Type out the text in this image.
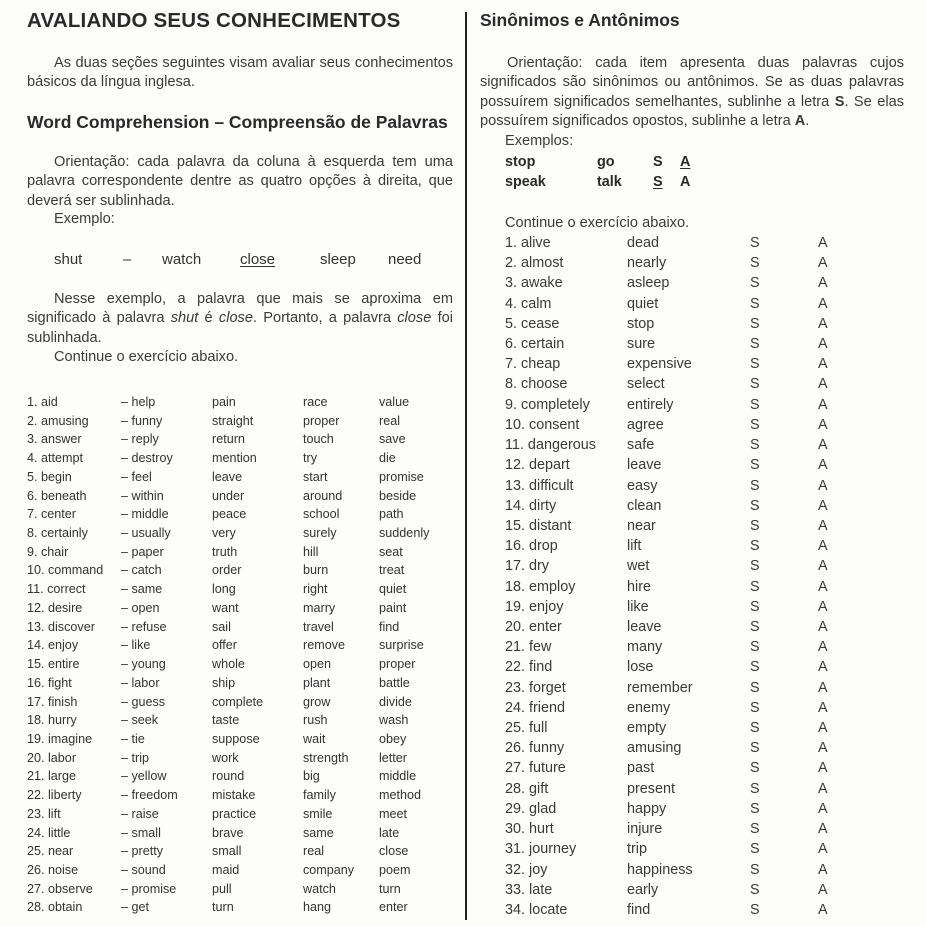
AVALIANDO SEUS CONHECIMENTOS
As duas seções seguintes visam avaliar seus conhecimentos básicos da língua inglesa.
Word Comprehension – Compreensão de Palavras
Orientação: cada palavra da coluna à esquerda tem uma palavra correspondente dentre as quatro opções à direita, que deverá ser sublinhada.
Exemplo:
shut	– watch	close	sleep need
Nesse exemplo, a palavra que mais se aproxima em significado à palavra shut é close. Portanto, a palavra close foi sublinhada.
Continue o exercício abaixo.
1. aid	– help	pain	race	value
2. amusing	– funny	straight	proper	real
3. answer	– reply	return	touch	save
4. attempt	– destroy	mention	try	die
5. begin	– feel	leave	start	promise
6. beneath	– within	under	around	beside
7. center	– middle	peace	school	path
8. certainly	– usually	very	surely	suddenly
9. chair	– paper	truth	hill	seat
10. command – catch	order	burn	treat
11. correct	– same	long	right	quiet
12. desire	– open	want	marry	paint
13. discover – refuse	sail	travel	find
14. enjoy	– like	offer	remove	surprise
15. entire	– young	whole	open	proper
16. fight	– labor	ship	plant	battle
17. finish	– guess	complete	grow	divide
18. hurry	– seek	taste	rush	wash
19. imagine – tie	suppose	wait	obey
20. labor	– trip	work	strength letter
21. large	– yellow	round	big	middle
22. liberty	– freedom	mistake	family	method
23. lift	– raise	practice	smile	meet
24. little	– small	brave	same	late
25. near	– pretty	small	real	close
26. noise	– sound	maid	company poem
27. observe – promise	pull	watch	turn
28. obtain	– get	turn	hang	enter
Sinônimos e Antônimos
Orientação: cada item apresenta duas palavras cujos significados são sinônimos ou antônimos. Se as duas palavras possuírem significados semelhantes, sublinhe a letra S. Se elas possuírem significados opostos, sublinhe a letra A.
Exemplos:
stop	go	S A
speak	talk S A
Continue o exercício abaixo.
1. alive	dead	S	A
2. almost	nearly	S	A
3. awake	asleep	S	A
4. calm	quiet	S	A
5. cease	stop	S	A
6. certain	sure	S	A
7. cheap	expensive	S	A
8. choose	select	S	A
9. completely	entirely	S	A
10. consent	agree	S	A
11. dangerous safe	S	A
12. depart	leave	S	A
13. difficult	easy	S	A
14. dirty	clean	S	A
15. distant	near	S	A
16. drop	lift	S	A
17. dry	wet	S	A
18. employ	hire	S	A
19. enjoy	like	S	A
20. enter	leave	S	A
21. few	many	S	A
22. find	lose	S	A
23. forget	remember	S	A
24. friend	enemy	S	A
25. full	empty	S	A
26. funny	amusing	S	A
27. future	past	S	A
28. gift	present	S	A
29. glad	happy	S	A
30. hurt	injure	S	A
31. journey	trip	S	A
32. joy	happiness	S	A
33. late	early	S	A
34. locate	find	S	A
